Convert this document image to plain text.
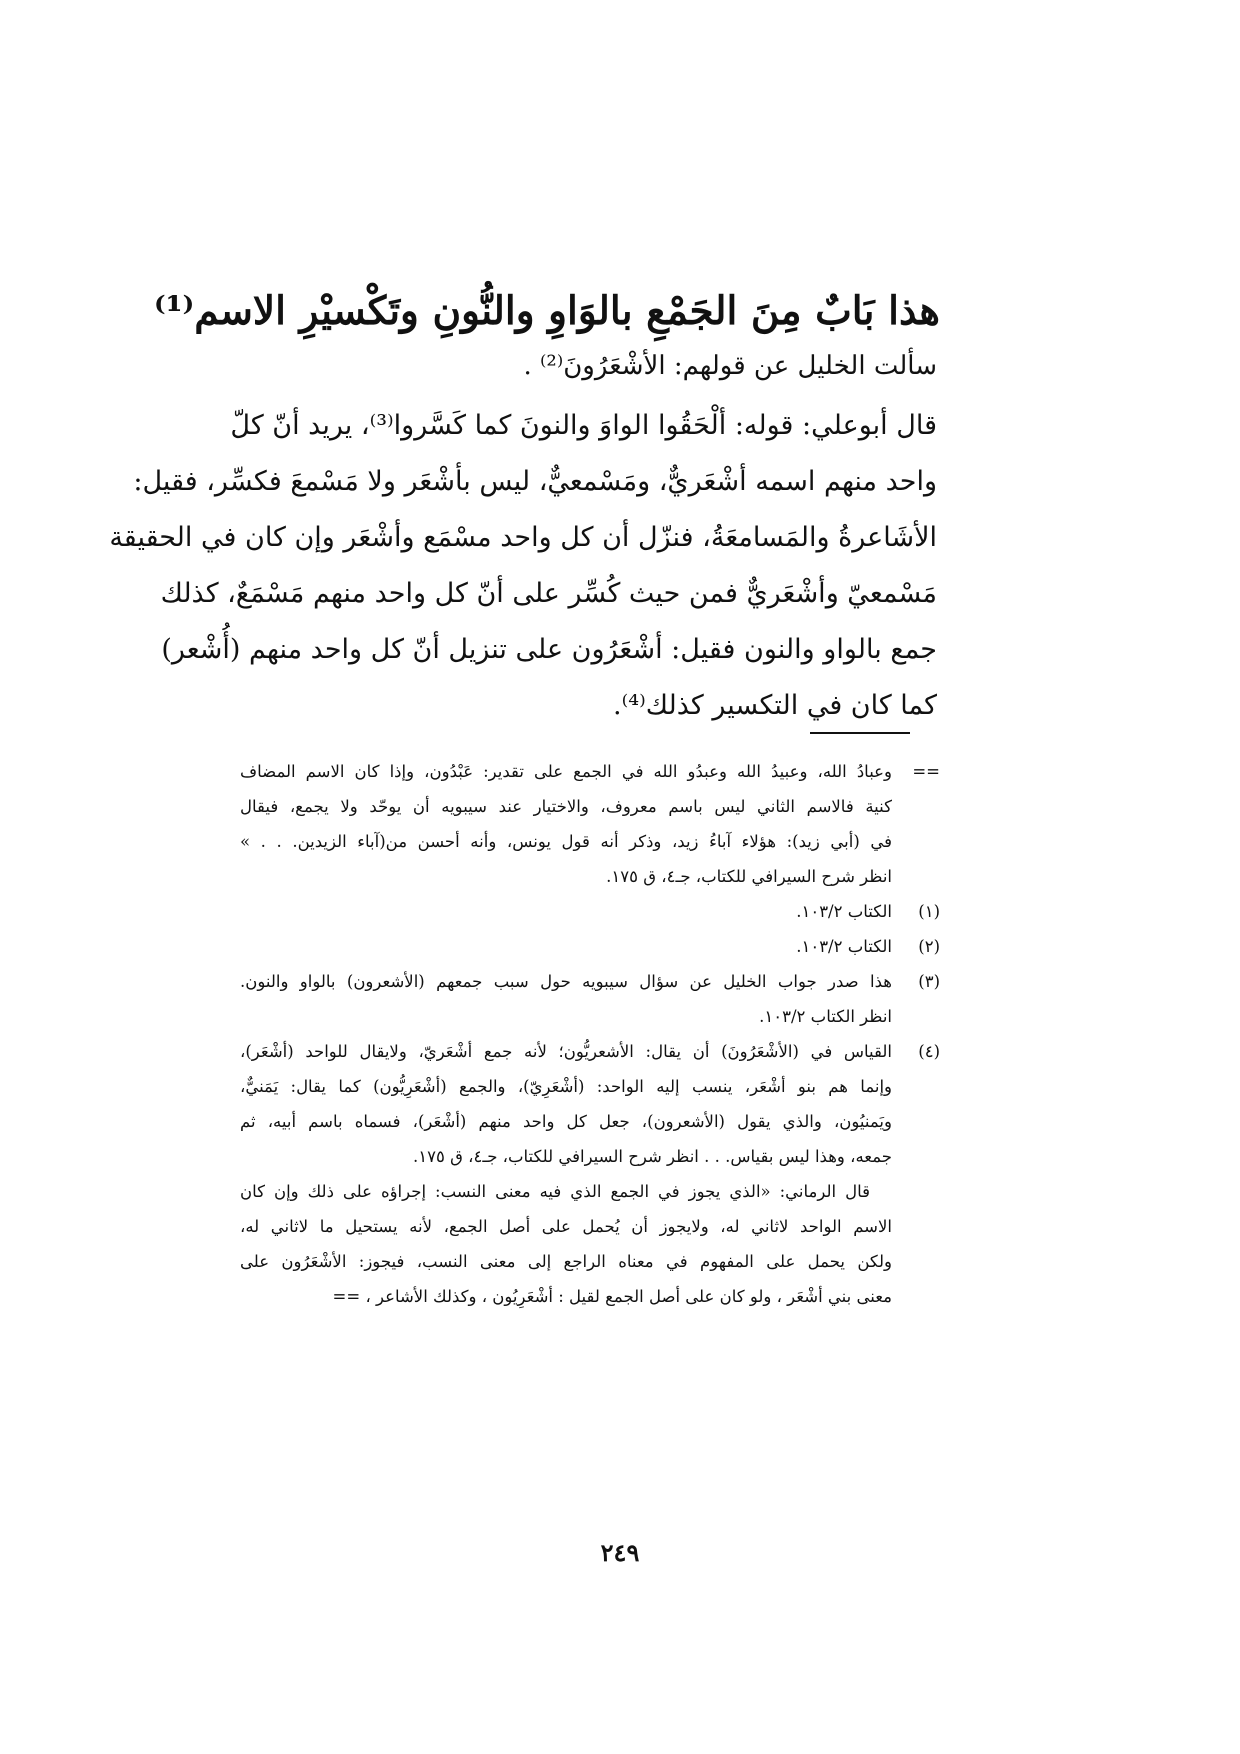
هذا بَابٌ مِنَ الجَمْعِ بالوَاوِ والنُّونِ وتَكْسيْرِ الاسم⁽¹⁾
سألت الخليل عن قولهم: الأشْعَرُونَ⁽²⁾ .
قال أبوعلي: قوله: ألْحَقُوا الواوَ والنونَ كما كَسَّروا⁽³⁾، يريد أنّ كلّ
واحد منهم اسمه أشْعَريٌّ، ومَسْمعيٌّ، ليس بأشْعَر ولا مَسْمعَ فكسِّر، فقيل:
الأشَاعرةُ والمَسامعَةُ، فنزّل أن كل واحد مسْمَع وأشْعَر وإن كان في الحقيقة
مَسْمعيّ وأشْعَريٌّ فمن حيث كُسِّر على أنّ كل واحد منهم مَسْمَعٌ، كذلك
جمع بالواو والنون فقيل: أشْعَرُون على تنزيل أنّ كل واحد منهم (أُشْعر)
كما كان في التكسير كذلك⁽⁴⁾.
==
وعبادُ الله، وعبيدُ الله وعبدُو الله في الجمع على تقدير: عَبْدُون، وإذا كان الاسم المضاف
كنية فالاسم الثاني ليس باسم معروف، والاختيار عند سيبويه أن يوحّد ولا يجمع، فيقال
في (أبي زيد): هؤلاء آباءُ زيد، وذكر أنه قول يونس، وأنه أحسن من(آباء الزيدين. . . »
انظر شرح السيرافي للكتاب، جـ٤، ق ١٧٥.
(١)
الكتاب ١٠٣/٢.
(٢)
الكتاب ١٠٣/٢.
(٣)
هذا صدر جواب الخليل عن سؤال سيبويه حول سبب جمعهم (الأشعرون) بالواو والنون.
انظر الكتاب ١٠٣/٢.
(٤)
القياس في (الأشْعَرُونَ) أن يقال: الأشعريُّون؛ لأنه جمع أشْعَريّ، ولايقال للواحد (أشْعَر)،
وإنما هم بنو أشْعَر، ينسب إليه الواحد: (أشْعَرِيّ)، والجمع (أشْعَرِيُّون) كما يقال: يَمَنيٌّ،
ويَمنيُون، والذي يقول (الأشعرون)، جعل كل واحد منهم (أشْعَر)، فسماه باسم أبيه، ثم
جمعه، وهذا ليس بقياس. . . انظر شرح السيرافي للكتاب، جـ٤، ق ١٧٥.
قال الرماني: «الذي يجوز في الجمع الذي فيه معنى النسب: إجراؤه على ذلك وإن كان
الاسم الواحد لاثاني له، ولايجوز أن يُحمل على أصل الجمع، لأنه يستحيل ما لاثاني له،
ولكن يحمل على المفهوم في معناه الراجع إلى معنى النسب، فيجوز: الأشْعَرُون على
معنى بني أشْعَر ، ولو كان على أصل الجمع لقيل : أشْعَرِيُون ، وكذلك الأشاعر ، ==
٢٤٩
